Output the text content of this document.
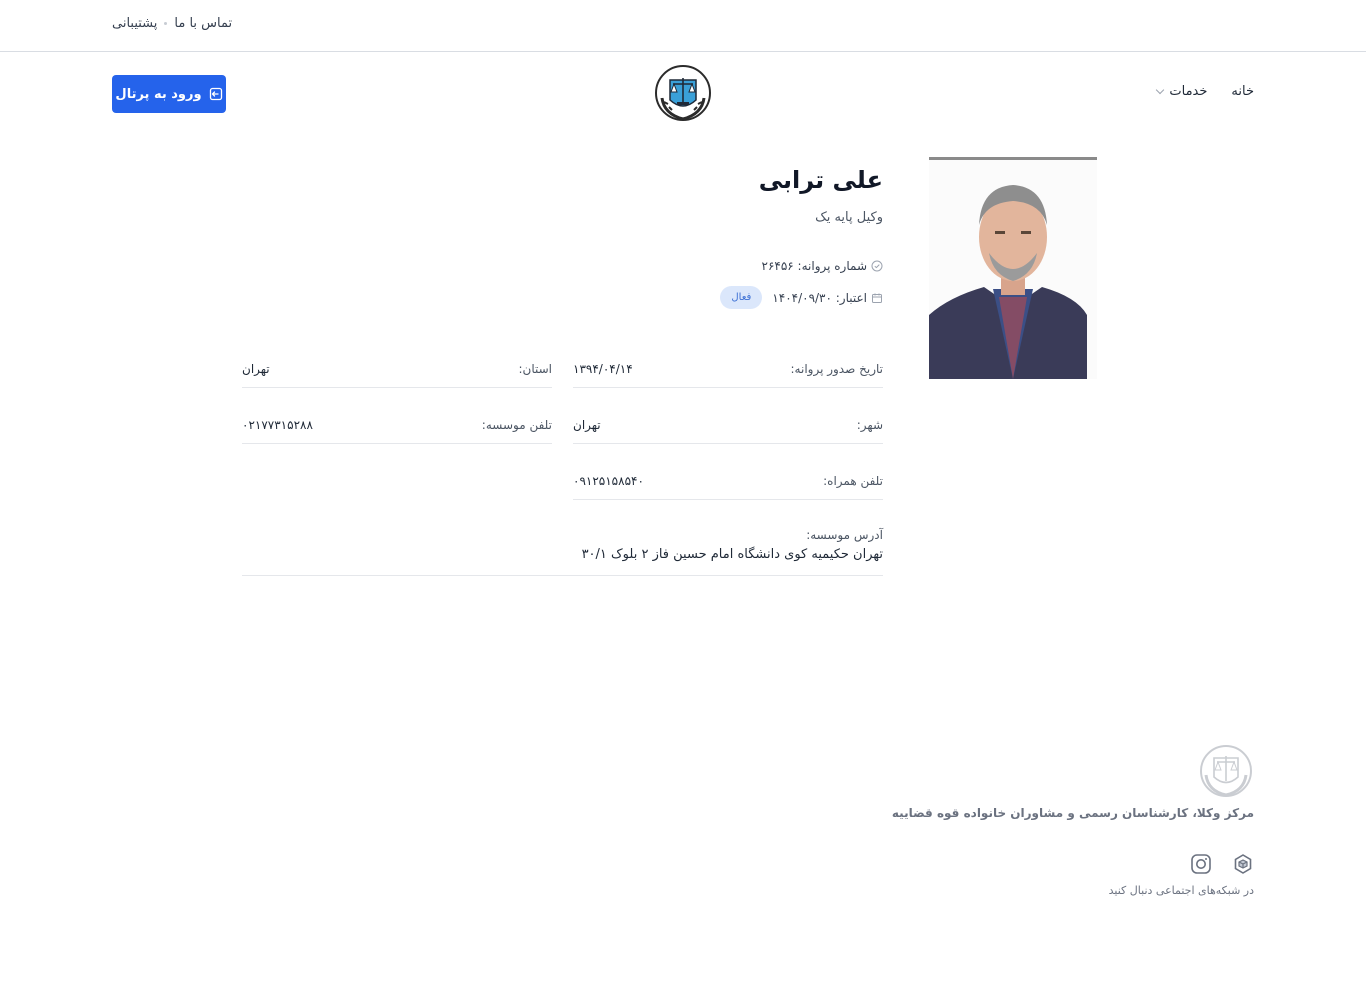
پشتیبانی تماس با ما
خانه
خدمات
ورود به پرتال
علی ترابی
وکیل پایه یک
شماره پروانه: ۲۶۴۵۶
اعتبار: ۱۴۰۴/۰۹/۳۰
فعال
تاریخ صدور پروانه:
۱۳۹۴/۰۴/۱۴
استان:
تهران
شهر:
تهران
تلفن موسسه:
۰۲۱۷۷۳۱۵۲۸۸
تلفن همراه:
۰۹۱۲۵۱۵۸۵۴۰
آدرس موسسه:
تهران حکیمیه کوی دانشگاه امام حسین فاز ۲ بلوک ۳۰/۱
مرکز وکلا، کارشناسان رسمی و مشاوران خانواده قوه قضاییه
در شبکه‌های اجتماعی دنبال کنید
